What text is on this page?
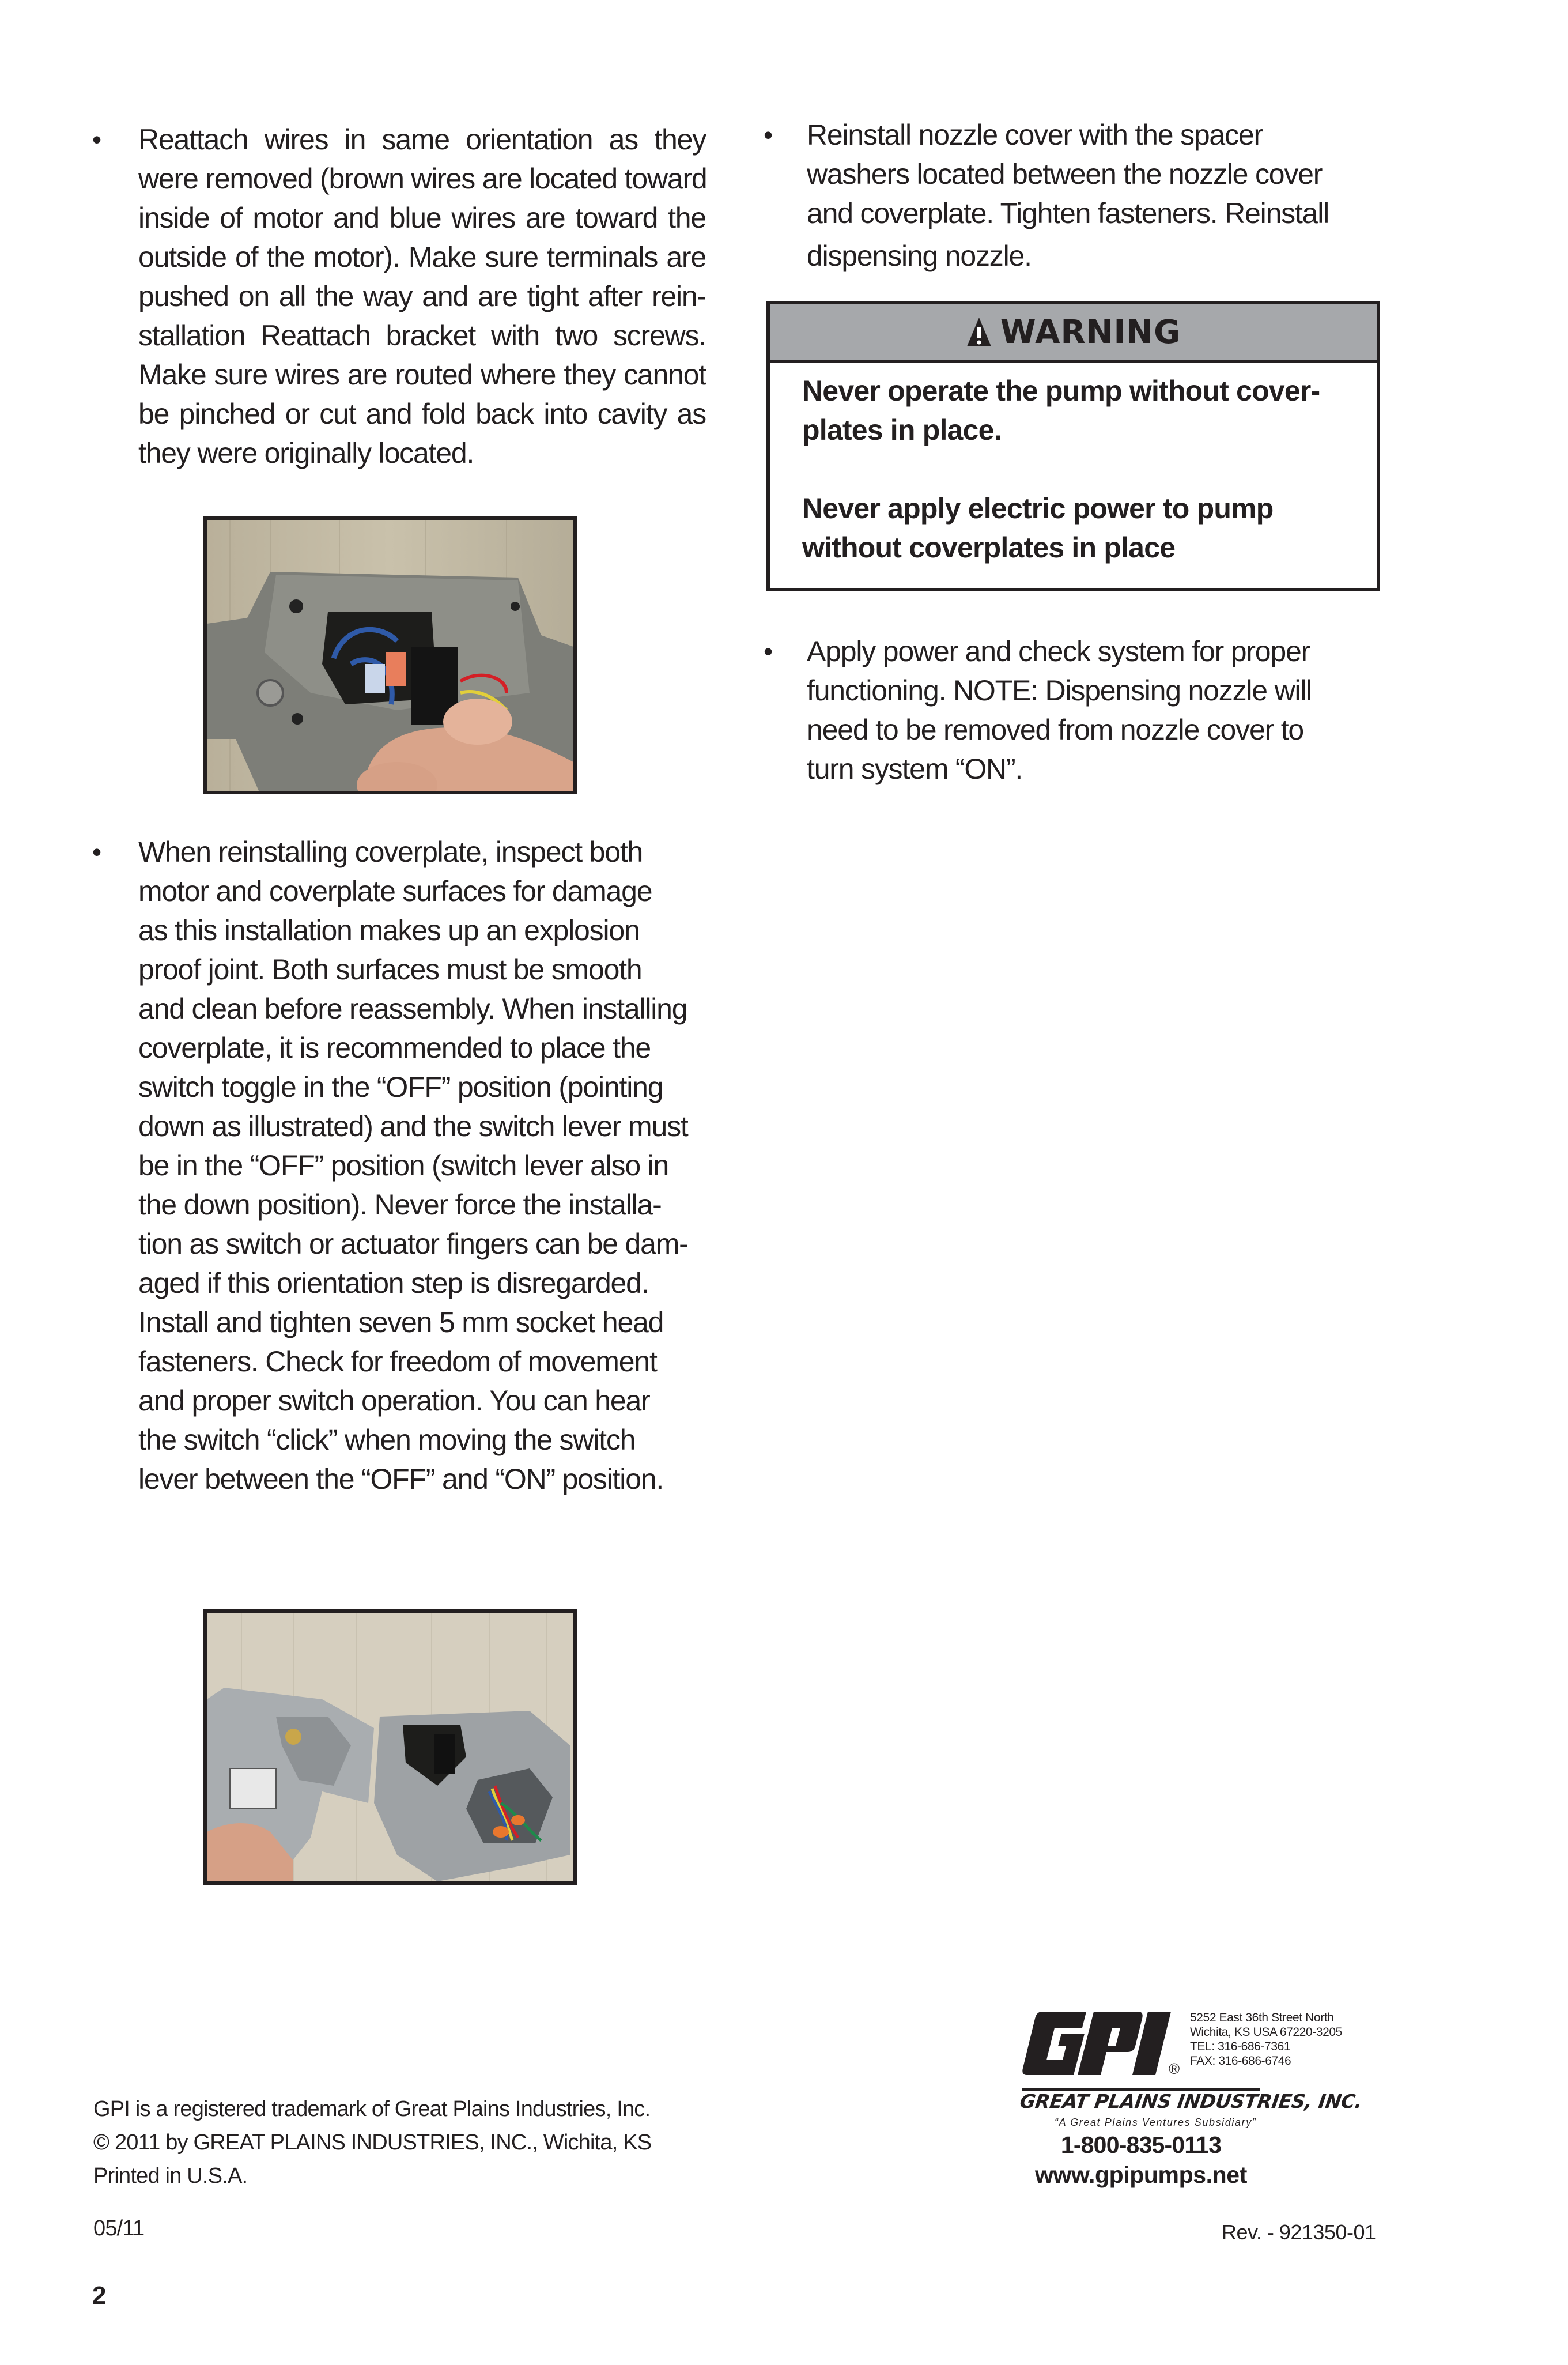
•	Reattach wires in same orientation as they
were removed (brown wires are located toward
inside of motor and blue wires are toward the
outside of the motor). Make sure terminals are
pushed on all the way and are tight after rein-
stallation Reattach bracket with two screws.
Make sure wires are routed where they cannot
be pinched or cut and fold back into cavity as
they were originally located.
•	When reinstalling coverplate, inspect both
motor and coverplate surfaces for damage
as this installation makes up an explosion
proof joint. Both surfaces must be smooth
and clean before reassembly. When installing
coverplate, it is recommended to place the
switch toggle in the “OFF” position (pointing
down as illustrated) and the switch lever must
be in the “OFF” position (switch lever also in
the down position). Never force the installa-
tion as switch or actuator fingers can be dam-
aged if this orientation step is disregarded.
Install and tighten seven 5 mm socket head
fasteners. Check for freedom of movement
and proper switch operation. You can hear
the switch “click” when moving the switch
lever between the “OFF” and “ON” position.
•	Reinstall nozzle cover with the spacer
washers located between the nozzle cover
and coverplate. Tighten fasteners. Reinstall
dispensing nozzle.
WARNING

Never operate the pump without cover-
plates in place.

Never apply electric power to pump
without coverplates in place

•	Apply power and check system for proper
functioning. NOTE: Dispensing nozzle will
need to be removed from nozzle cover to
turn system “ON”.
GPI is a registered trademark of Great Plains Industries, Inc.
© 2011 by GREAT PLAINS INDUSTRIES, INC., Wichita, KS
Printed in U.S.A.
05/11
2
®
5252 East 36th Street North
Wichita, KS USA 67220-3205
TEL: 316-686-7361
FAX: 316-686-6746
GREAT PLAINS INDUSTRIES, INC.
“A Great Plains Ventures Subsidiary”
1-800-835-0113
www.gpipumps.net
Rev. - 921350-01
